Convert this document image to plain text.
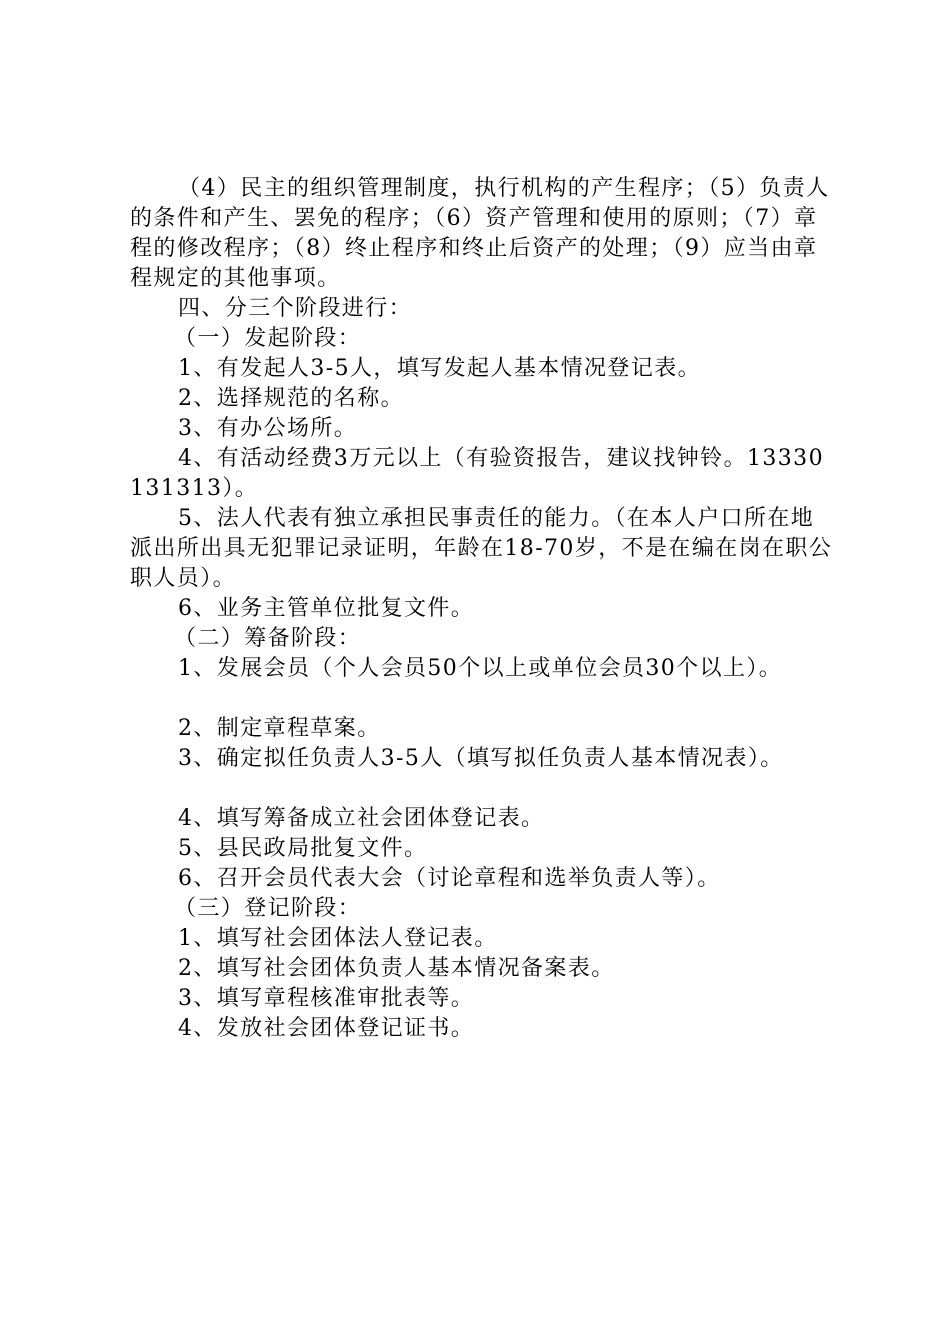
（4）民主的组织管理制度，执行机构的产生程序；（5）负责人的条件和产生、罢免的程序；（6）资产管理和使用的原则；（7）章程的修改程序；（8）终止程序和终止后资产的处理；（9）应当由章程规定的其他事项。

四、分三个阶段进行：

（一）发起阶段：

1、有发起人3-5人，填写发起人基本情况登记表。

2、选择规范的名称。

3、有办公场所。

4、有活动经费3万元以上（有验资报告，建议找钟铃。13330131313）。

5、法人代表有独立承担民事责任的能力。（在本人户口所在地派出所出具无犯罪记录证明，年龄在18-70岁，不是在编在岗在职公职人员）。

6、业务主管单位批复文件。

（二）筹备阶段：

1、发展会员（个人会员50个以上或单位会员30个以上）。

2、制定章程草案。

3、确定拟任负责人3-5人（填写拟任负责人基本情况表）。

4、填写筹备成立社会团体登记表。

5、县民政局批复文件。

6、召开会员代表大会（讨论章程和选举负责人等）。

（三）登记阶段：

1、填写社会团体法人登记表。

2、填写社会团体负责人基本情况备案表。

3、填写章程核准审批表等。

4、发放社会团体登记证书。
